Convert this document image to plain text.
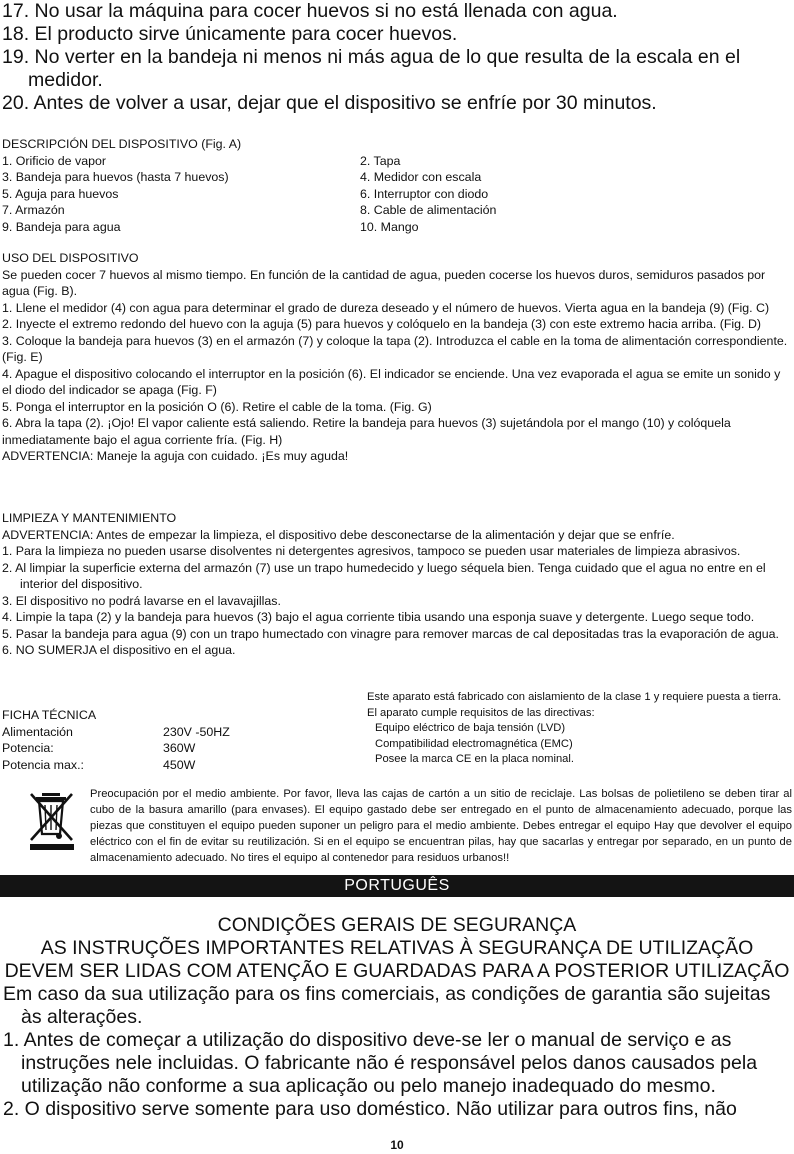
17. No usar la máquina para cocer huevos si no está llenada con agua.

18. El producto sirve únicamente para cocer huevos.

19. No verter en la bandeja ni menos ni más agua de lo que resulta de la escala en el medidor.

20. Antes de volver a usar, dejar que el dispositivo se enfríe por 30 minutos.

DESCRIPCIÓN DEL DISPOSITIVO (Fig. A)
1. Orificio de vapor	2. Tapa
3. Bandeja para huevos (hasta 7 huevos)	4. Medidor con escala
5. Aguja para huevos	6. Interruptor con diodo
7. Armazón	8. Cable de alimentación
9. Bandeja para agua	10. Mango

USO DEL DISPOSITIVO

Se pueden cocer 7 huevos al mismo tiempo. En función de la cantidad de agua, pueden cocerse los huevos duros, semiduros pasados por agua (Fig. B).

1. Llene el medidor (4) con agua para determinar el grado de dureza deseado y el número de huevos. Vierta agua en la bandeja (9) (Fig. C)

2. Inyecte el extremo redondo del huevo con la aguja (5) para huevos y colóquelo en la bandeja (3) con este extremo hacia arriba. (Fig. D)

3. Coloque la bandeja para huevos (3) en el armazón (7) y coloque la tapa (2). Introduzca el cable en la toma de alimentación correspondiente. (Fig. E)

4. Apague el dispositivo colocando el interruptor en la posición (6). El indicador se enciende. Una vez evaporada el agua se emite un sonido y el diodo del indicador se apaga (Fig. F)

5. Ponga el interruptor en la posición O (6). Retire el cable de la toma. (Fig. G)

6. Abra la tapa (2). ¡Ojo! El vapor caliente está saliendo. Retire la bandeja para huevos (3) sujetándola por el mango (10) y colóquela inmediatamente bajo el agua corriente fría. (Fig. H)

ADVERTENCIA: Maneje la aguja con cuidado. ¡Es muy aguda!

LIMPIEZA Y MANTENIMIENTO

ADVERTENCIA: Antes de empezar la limpieza, el dispositivo debe desconectarse de la alimentación y dejar que se enfríe.

1. Para la limpieza no pueden usarse disolventes ni detergentes agresivos, tampoco se pueden usar materiales de limpieza abrasivos.

2. Al limpiar la superficie externa del armazón (7) use un trapo humedecido y luego séquela bien. Tenga cuidado que el agua no entre en el interior del dispositivo.

3. El dispositivo no podrá lavarse en el lavavajillas.

4. Limpie la tapa (2) y la bandeja para huevos (3) bajo el agua corriente tibia usando una esponja suave y detergente. Luego seque todo.

5. Pasar la bandeja para agua (9) con un trapo humectado con vinagre para remover marcas de cal depositadas tras la evaporación de agua.

6. NO SUMERJA el dispositivo en el agua.

FICHA TÉCNICA
Alimentación	230V -50HZ
Potencia:	360W
Potencia max.:	450W
Este aparato está fabricado con aislamiento de la clase 1 y requiere puesta a tierra.
El aparato cumple requisitos de las directivas:
Equipo eléctrico de baja tensión (LVD)
Compatibilidad electromagnética (EMC)
Posee la marca CE en la placa nominal.
Preocupación por el medio ambiente. Por favor, lleva las cajas de cartón a un sitio de reciclaje. Las bolsas de polietileno se deben tirar al cubo de la basura amarillo (para envases). El equipo gastado debe ser entregado en el punto de almacenamiento adecuado, porque las piezas que constituyen el equipo pueden suponer un peligro para el medio ambiente. Debes entregar el equipo Hay que devolver el equipo eléctrico con el fin de evitar su reutilización. Si en el equipo se encuentran pilas, hay que sacarlas y entregar por separado, en un punto de almacenamiento adecuado. No tires el equipo al contenedor para residuos urbanos!!
PORTUGUÊS

CONDIÇÕES GERAIS DE SEGURANÇA

AS INSTRUÇÕES IMPORTANTES RELATIVAS À SEGURANÇA DE UTILIZAÇÃO

DEVEM SER LIDAS COM ATENÇÃO E GUARDADAS PARA A POSTERIOR UTILIZAÇÃO

Em caso da sua utilização para os fins comerciais, as condições de garantia são sujeitas às alterações.

1. Antes de começar a utilização do dispositivo deve-se ler o manual de serviço e as instruções nele incluidas. O fabricante não é responsável pelos danos causados pela utilização não conforme a sua aplicação ou pelo manejo inadequado do mesmo.

2. O dispositivo serve somente para uso doméstico. Não utilizar para outros fins, não

10
